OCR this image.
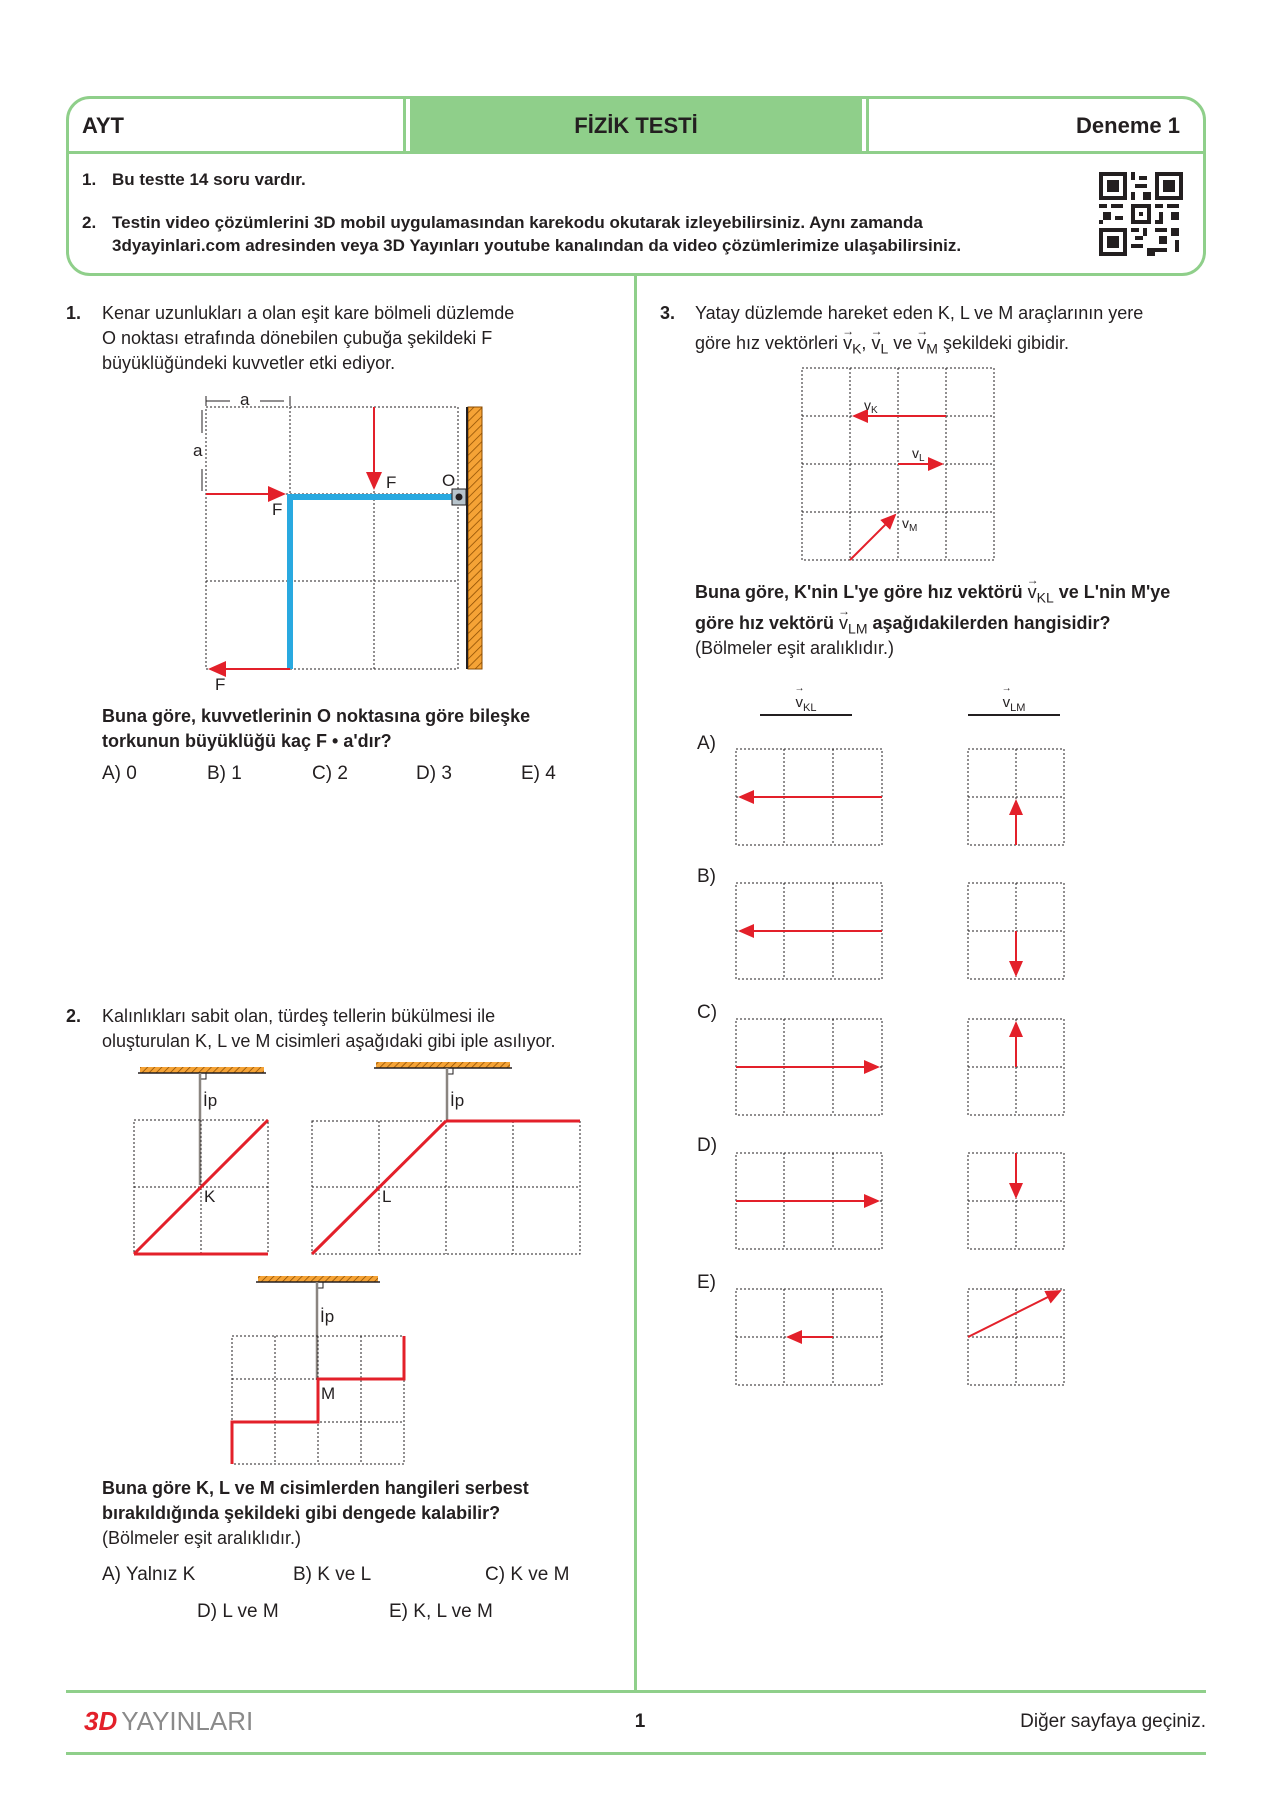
AYT	FİZİK TESTİ	Deneme 1
1. Bu testte 14 soru vardır.
2. Testin video çözümlerini 3D mobil uygulamasından karekodu okutarak izleyebilirsiniz. Aynı zamanda
3dyayinlari.com adresinden veya 3D Yayınları youtube kanalından da video çözümlerimize ulaşabilirsiniz.
1. Kenar uzunlukları a olan eşit kare bölmeli düzlemde
O noktası etrafında dönebilen çubuğa şekildeki F
büyüklüğündeki kuvvetler etki ediyor.
a
a
F
F
F
O
Buna göre, kuvvetlerinin O noktasına göre bileşke
torkunun büyüklüğü kaç F • a'dır?
A) 0	B) 1	C) 2	D) 3	E) 4
2. Kalınlıkları sabit olan, türdeş tellerin bükülmesi ile
oluşturulan K, L ve M cisimleri aşağıdaki gibi iple asılıyor.
İp
K
İp
L
İp
M
Buna göre K, L ve M cisimlerden hangileri serbest
bırakıldığında şekildeki gibi dengede kalabilir?
(Bölmeler eşit aralıklıdır.)
A) Yalnız K	B) K ve L	C) K ve M
D) L ve M	E) K, L ve M
3. Yatay düzlemde hareket eden K, L ve M araçlarının yere
göre hız vektörleri
→
$v_K$,
→
$v_L$ ve
→
$v_M$ şekildeki gibidir.
$v_K$
$v_L$
$v_M$
Buna göre, K'nin L'ye göre hız vektörü
→
$v_{KL}$ ve L'nin M'ye
göre hız vektörü
→
$v_{LM}$ aşağıdakilerden hangisidir?
(Bölmeler eşit aralıklıdır.)
→
$v_{KL}$
→
$v_{LM}$
A)
B)
C)
D)
E)
3D YAYINLARI	1	Diğer sayfaya geçiniz.
